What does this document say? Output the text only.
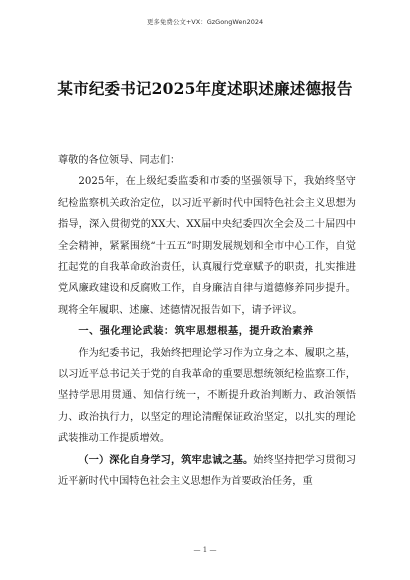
更多免费公文+VX：GzGongWen2024
某市纪委书记2025年度述职述廉述德报告

尊敬的各位领导、同志们：

2025年，在上级纪委监委和市委的坚强领导下，我始终坚守纪检监察机关政治定位，以习近平新时代中国特色社会主义思想为指导，深入贯彻党的XX大、XX届中央纪委四次全会及二十届四中全会精神，紧紧围绕“十五五”时期发展规划和全市中心工作，自觉扛起党的自我革命政治责任，认真履行党章赋予的职责，扎实推进党风廉政建设和反腐败工作，自身廉洁自律与道德修养同步提升。现将全年履职、述廉、述德情况报告如下，请予评议。

一、强化理论武装：筑牢思想根基，提升政治素养

作为纪委书记，我始终把理论学习作为立身之本、履职之基，以习近平总书记关于党的自我革命的重要思想统领纪检监察工作，坚持学思用贯通、知信行统一，不断提升政治判断力、政治领悟力、政治执行力，以坚定的理论清醒保证政治坚定，以扎实的理论武装推动工作提质增效。

（一）深化自身学习，筑牢忠诚之基。始终坚持把学习贯彻习近平新时代中国特色社会主义思想作为首要政治任务，重

— 1 —
